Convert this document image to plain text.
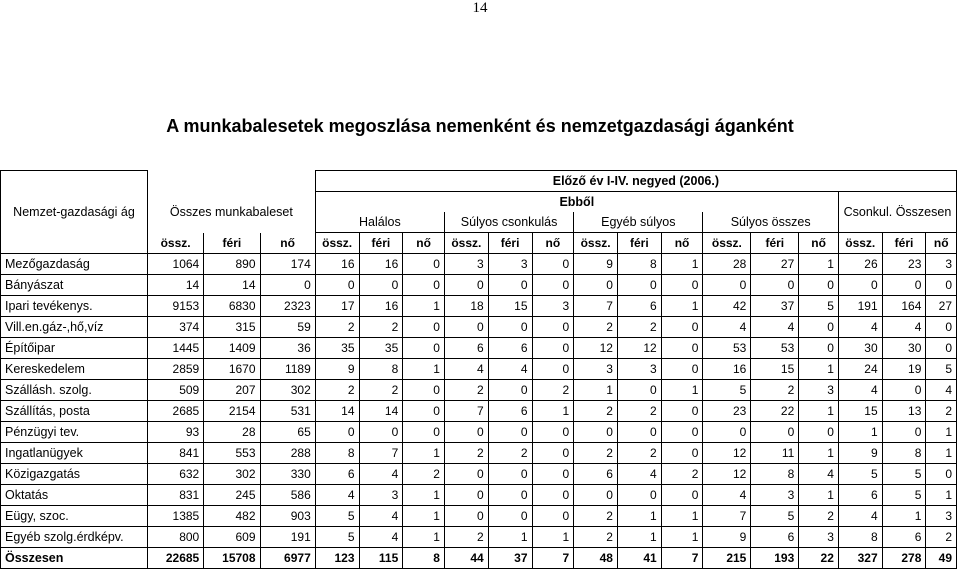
14
A munkabalesetek megoszlása nemenként és nemzetgazdasági áganként
Nemzet-gazdasági ág				Előző év I-IV. negyed (2006.)														
	Összes munkabaleset			Ebből												Csonkul. Összesen		
				Halálos			Súlyos csonkulás			Egyéb súlyos			Súlyos összes					
	össz.	féri	nő	össz.	féri	nő	össz.	féri	nő	össz.	féri	nő	össz.	féri	nő	össz.	féri	nő
Mezőgazdaság	1064	890	174	16	16	0	3	3	0	9	8	1	28	27	1	26	23	3
Bányászat	14	14	0	0	0	0	0	0	0	0	0	0	0	0	0	0	0	0
Ipari tevékenys.	9153	6830	2323	17	16	1	18	15	3	7	6	1	42	37	5	191	164	27
Vill.en.gáz-,hő,víz	374	315	59	2	2	0	0	0	0	2	2	0	4	4	0	4	4	0
Építőipar	1445	1409	36	35	35	0	6	6	0	12	12	0	53	53	0	30	30	0
Kereskedelem	2859	1670	1189	9	8	1	4	4	0	3	3	0	16	15	1	24	19	5
Szállásh. szolg.	509	207	302	2	2	0	2	0	2	1	0	1	5	2	3	4	0	4
Szállítás, posta	2685	2154	531	14	14	0	7	6	1	2	2	0	23	22	1	15	13	2
Pénzügyi tev.	93	28	65	0	0	0	0	0	0	0	0	0	0	0	0	1	0	1
Ingatlanügyek	841	553	288	8	7	1	2	2	0	2	2	0	12	11	1	9	8	1
Közigazgatás	632	302	330	6	4	2	0	0	0	6	4	2	12	8	4	5	5	0
Oktatás	831	245	586	4	3	1	0	0	0	0	0	0	4	3	1	6	5	1
Eügy, szoc.	1385	482	903	5	4	1	0	0	0	2	1	1	7	5	2	4	1	3
Egyéb szolg.érdképv.	800	609	191	5	4	1	2	1	1	2	1	1	9	6	3	8	6	2
Összesen	22685	15708	6977	123	115	8	44	37	7	48	41	7	215	193	22	327	278	49
